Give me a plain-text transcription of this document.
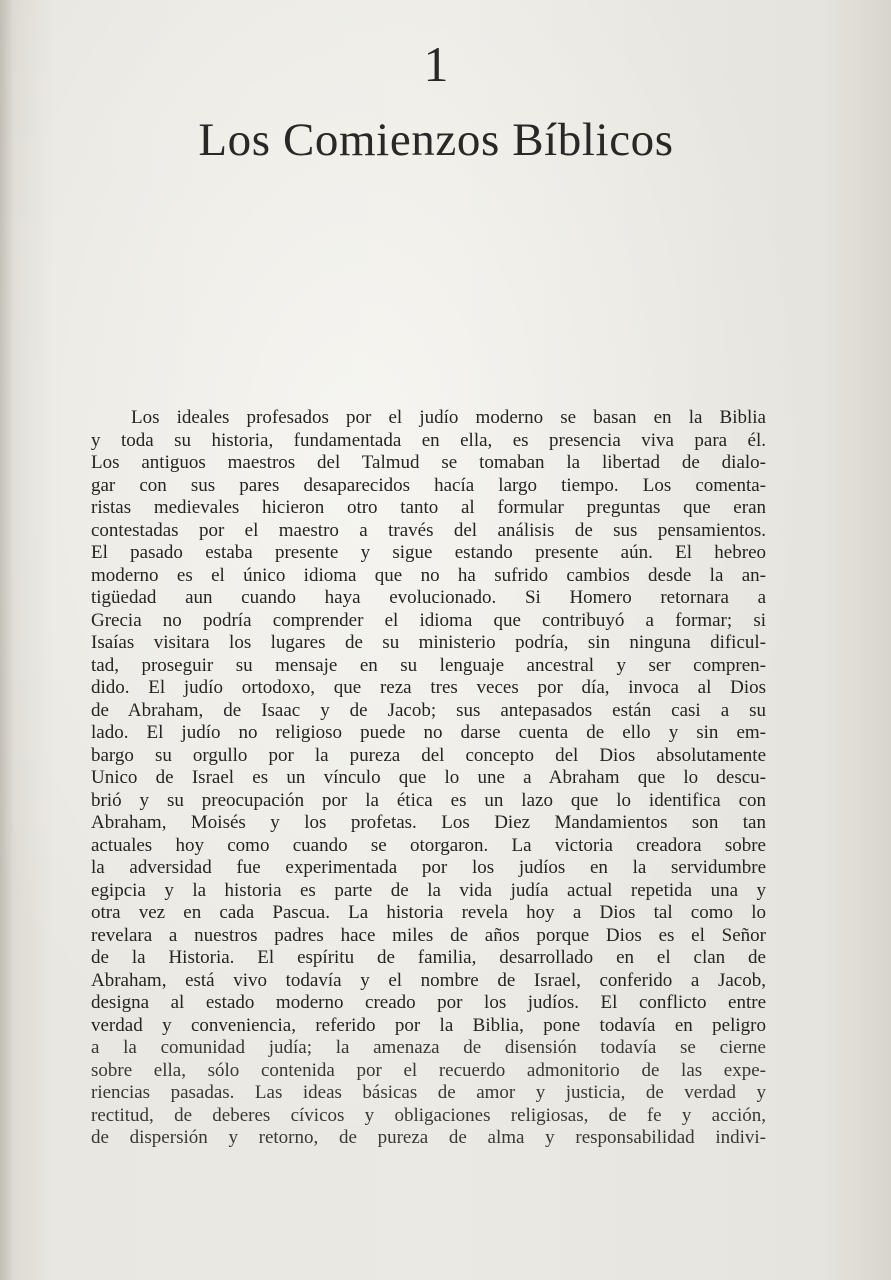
1
Los Comienzos Bíblicos
Los ideales profesados por el judío moderno se basan en la Biblia
y toda su historia, fundamentada en ella, es presencia viva para él.
Los antiguos maestros del Talmud se tomaban la libertad de dialo-
gar con sus pares desaparecidos hacía largo tiempo. Los comenta-
ristas medievales hicieron otro tanto al formular preguntas que eran
contestadas por el maestro a través del análisis de sus pensamientos.
El pasado estaba presente y sigue estando presente aún. El hebreo
moderno es el único idioma que no ha sufrido cambios desde la an-
tigüedad aun cuando haya evolucionado. Si Homero retornara a
Grecia no podría comprender el idioma que contribuyó a formar; si
Isaías visitara los lugares de su ministerio podría, sin ninguna dificul-
tad, proseguir su mensaje en su lenguaje ancestral y ser compren-
dido. El judío ortodoxo, que reza tres veces por día, invoca al Dios
de Abraham, de Isaac y de Jacob; sus antepasados están casi a su
lado. El judío no religioso puede no darse cuenta de ello y sin em-
bargo su orgullo por la pureza del concepto del Dios absolutamente
Unico de Israel es un vínculo que lo une a Abraham que lo descu-
brió y su preocupación por la ética es un lazo que lo identifica con
Abraham, Moisés y los profetas. Los Diez Mandamientos son tan
actuales hoy como cuando se otorgaron. La victoria creadora sobre
la adversidad fue experimentada por los judíos en la servidumbre
egipcia y la historia es parte de la vida judía actual repetida una y
otra vez en cada Pascua. La historia revela hoy a Dios tal como lo
revelara a nuestros padres hace miles de años porque Dios es el Señor
de la Historia. El espíritu de familia, desarrollado en el clan de
Abraham, está vivo todavía y el nombre de Israel, conferido a Jacob,
designa al estado moderno creado por los judíos. El conflicto entre
verdad y conveniencia, referido por la Biblia, pone todavía en peligro
a la comunidad judía; la amenaza de disensión todavía se cierne
sobre ella, sólo contenida por el recuerdo admonitorio de las expe-
riencias pasadas. Las ideas básicas de amor y justicia, de verdad y
rectitud, de deberes cívicos y obligaciones religiosas, de fe y acción,
de dispersión y retorno, de pureza de alma y responsabilidad indivi-
